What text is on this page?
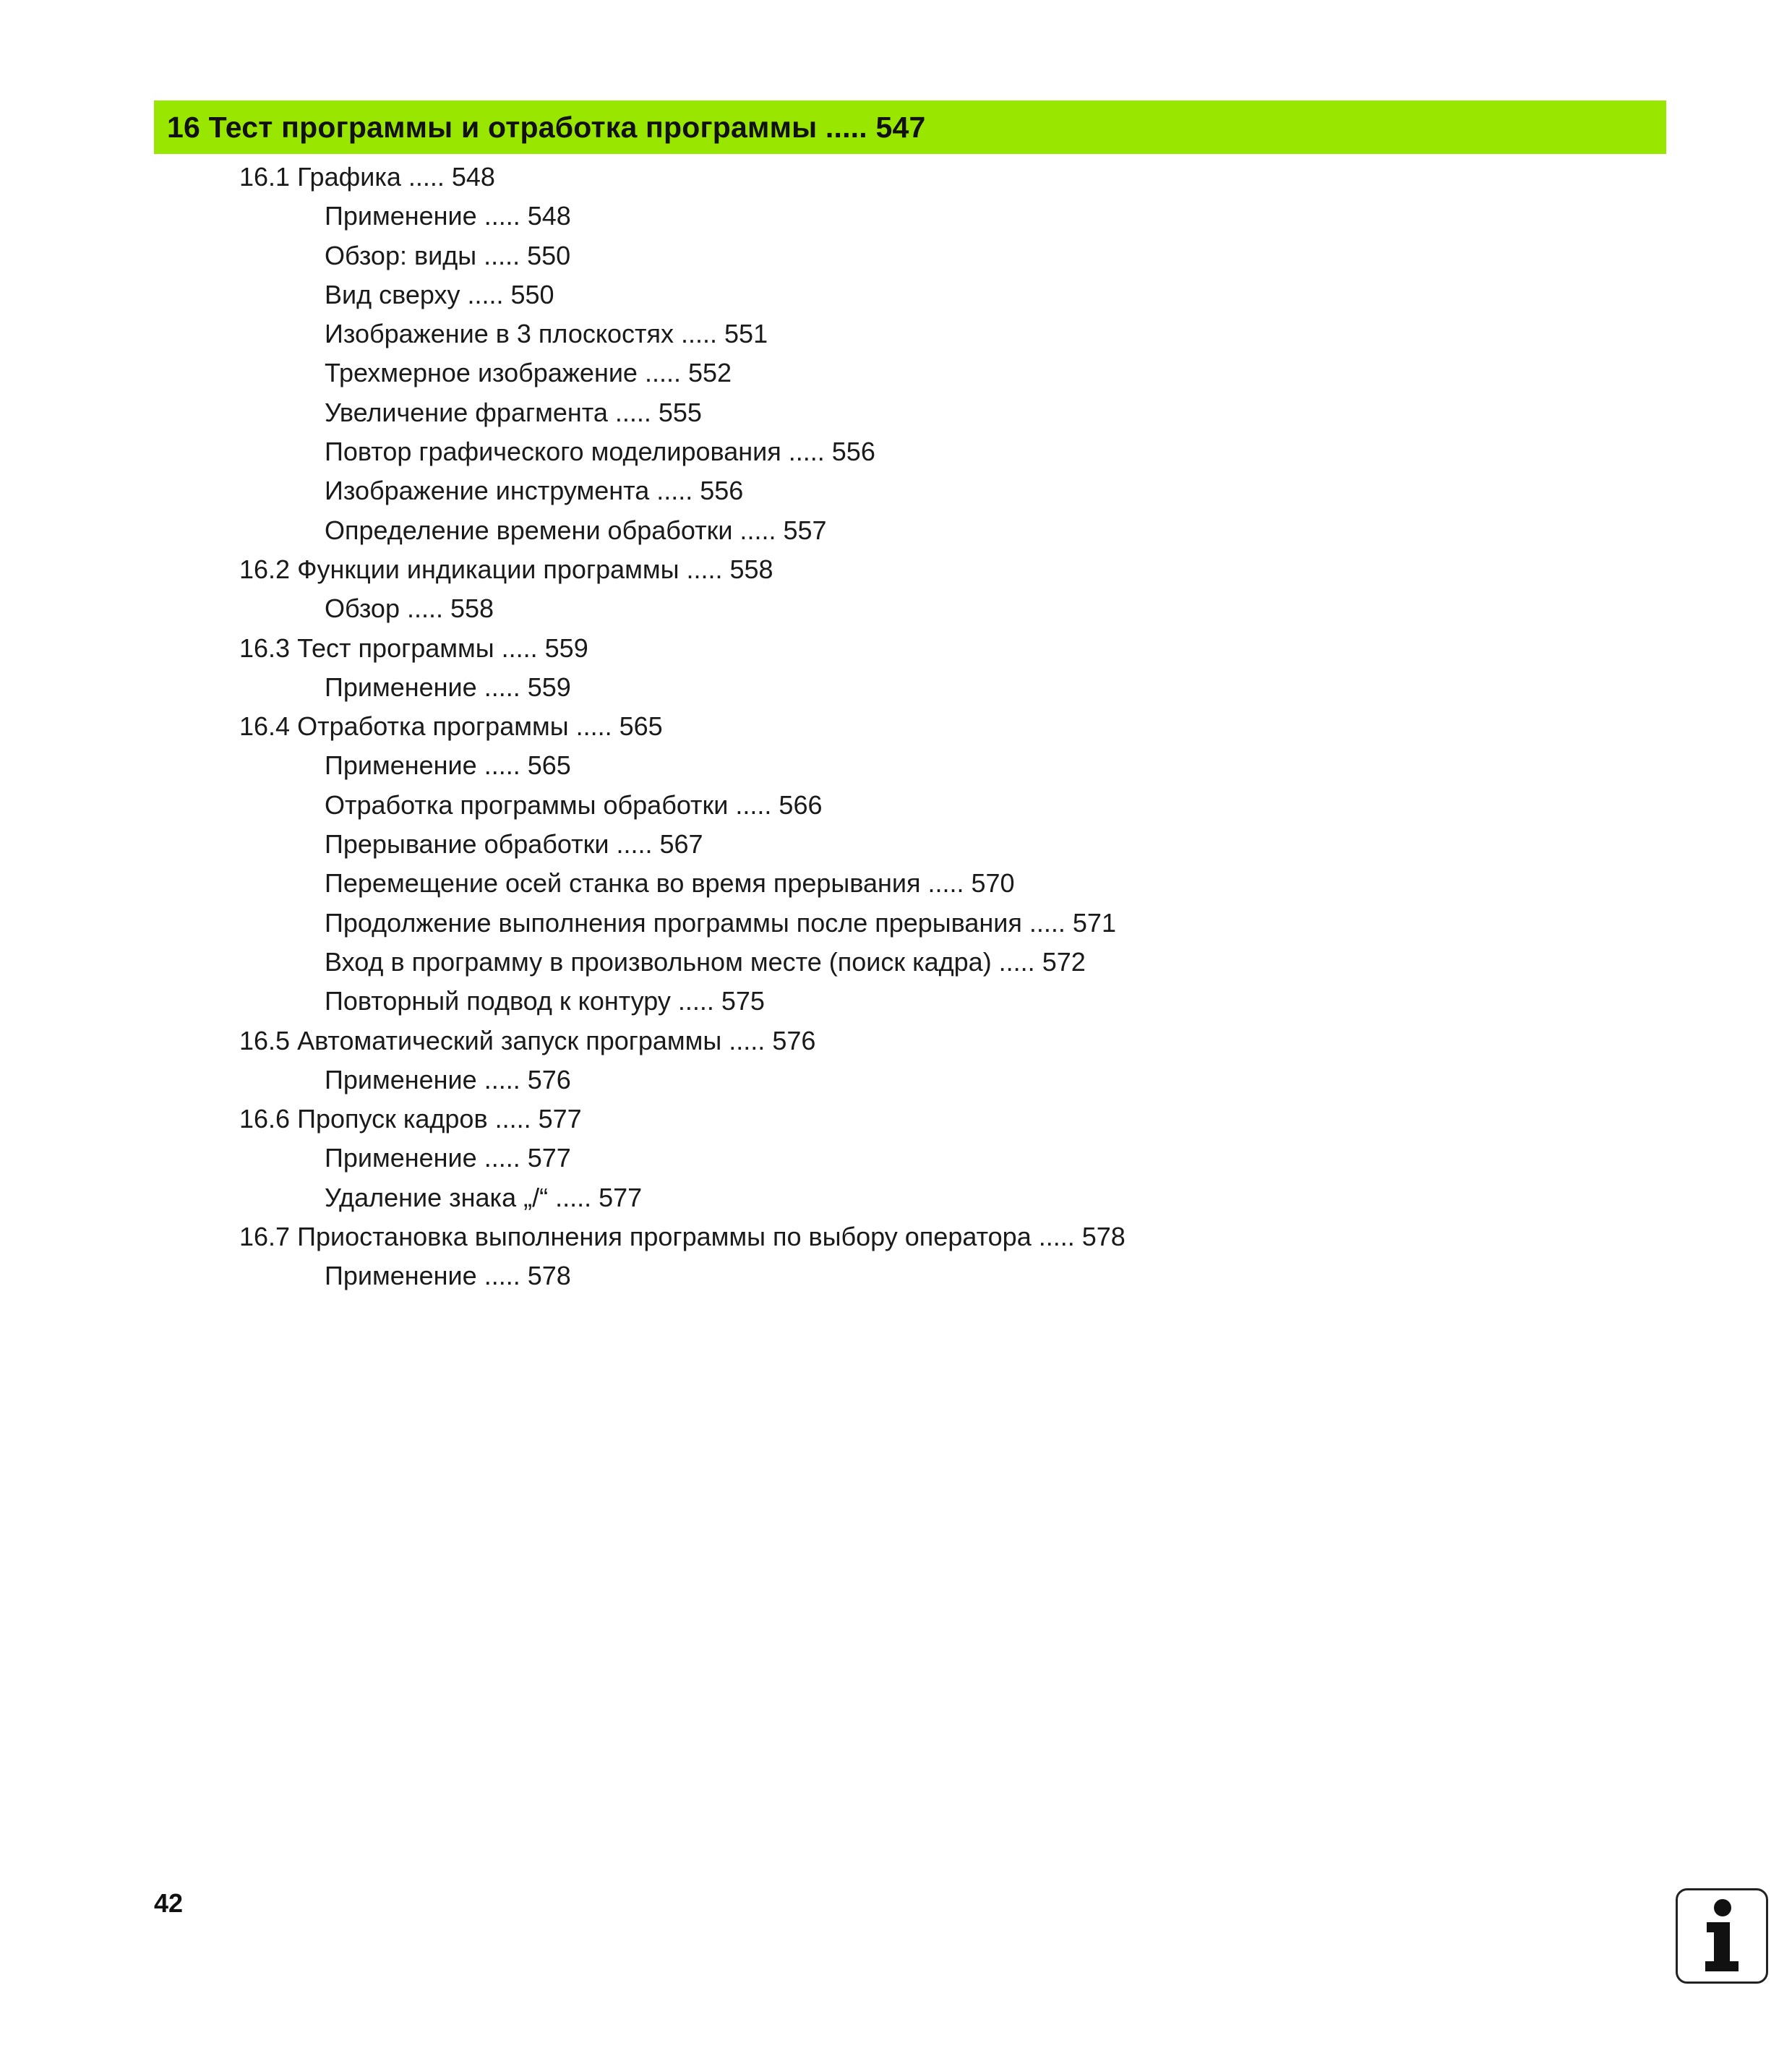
16 Тест программы и отработка программы ..... 547
16.1 Графика ..... 548
Применение ..... 548
Обзор: виды ..... 550
Вид сверху ..... 550
Изображение в 3 плоскостях ..... 551
Трехмерное изображение ..... 552
Увеличение фрагмента ..... 555
Повтор графического моделирования ..... 556
Изображение инструмента ..... 556
Определение времени обработки ..... 557
16.2 Функции индикации программы ..... 558
Обзор ..... 558
16.3 Тест программы ..... 559
Применение ..... 559
16.4 Отработка программы ..... 565
Применение ..... 565
Отработка программы обработки ..... 566
Прерывание обработки ..... 567
Перемещение осей станка во время прерывания ..... 570
Продолжение выполнения программы после прерывания ..... 571
Вход в программу в произвольном месте (поиск кадра) ..... 572
Повторный подвод к контуру ..... 575
16.5 Автоматический запуск программы ..... 576
Применение ..... 576
16.6 Пропуск кадров ..... 577
Применение ..... 577
Удаление знака „/“ ..... 577
16.7 Приостановка выполнения программы по выбору оператора ..... 578
Применение ..... 578
42
